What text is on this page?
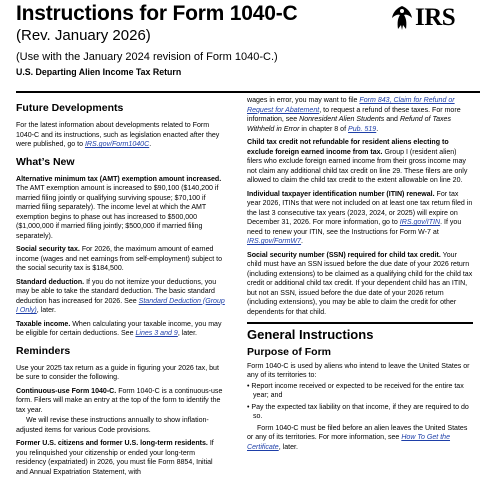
Instructions for Form 1040-C
(Rev. January 2026)
(Use with the January 2024 revision of Form 1040-C.)
U.S. Departing Alien Income Tax Return
IRS
Future Developments

For the latest information about developments related to Form 1040-C and its instructions, such as legislation enacted after they were published, go to IRS.gov/Form1040C.

What’s New

Alternative minimum tax (AMT) exemption amount increased. The AMT exemption amount is increased to $90,100 ($140,200 if married filing jointly or qualifying surviving spouse; $70,100 if married filing separately). The income level at which the AMT exemption begins to phase out has increased to $500,000 ($1,000,000 if married filing jointly; $500,000 if married filing separately).

Social security tax. For 2026, the maximum amount of earned income (wages and net earnings from self-employment) subject to the social security tax is $184,500.

Standard deduction. If you do not itemize your deductions, you may be able to take the standard deduction. The basic standard deduction has increased for 2026. See Standard Deduction (Group I Only), later.

Taxable income. When calculating your taxable income, you may be eligible for certain deductions. See Lines 3 and 9, later.

Reminders

Use your 2025 tax return as a guide in figuring your 2026 tax, but be sure to consider the following.

Continuous-use Form 1040-C. Form 1040-C is a continuous-use form. Filers will make an entry at the top of the form to identify the tax year.

We will revise these instructions annually to show inflation-adjusted items for various Code provisions.

Former U.S. citizens and former U.S. long-term residents. If you relinquished your citizenship or ended your long-term residency (expatriated) in 2026, you must file Form 8854, Initial and Annual Expatriation Statement, with

wages in error, you may want to file Form 843, Claim for Refund or Request for Abatement, to request a refund of these taxes. For more information, see Nonresident Alien Students and Refund of Taxes Withheld in Error in chapter 8 of Pub. 519.

Child tax credit not refundable for resident aliens electing to exclude foreign earned income from tax. Group I (resident alien) filers who exclude foreign earned income from their gross income may not claim any additional child tax credit on line 29. These filers are only allowed to claim the child tax credit to the extent allowable on line 20.

Individual taxpayer identification number (ITIN) renewal. For tax year 2026, ITINs that were not included on at least one tax return filed in the last 3 consecutive tax years (2023, 2024, or 2025) will expire on December 31, 2026. For more information, go to IRS.gov/ITIN. If you need to renew your ITIN, see the Instructions for Form W-7 at IRS.gov/FormW7.

Social security number (SSN) required for child tax credit. Your child must have an SSN issued before the due date of your 2026 return (including extensions) to be claimed as a qualifying child for the child tax credit or additional child tax credit. If your dependent child has an ITIN, but not an SSN, issued before the due date of your 2026 return (including extensions), you may be able to claim the credit for other dependents for that child.

General Instructions
Purpose of Form

Form 1040-C is used by aliens who intend to leave the United States or any of its territories to:

• Report income received or expected to be received for the entire tax year; and

• Pay the expected tax liability on that income, if they are required to do so.

Form 1040-C must be filed before an alien leaves the United States or any of its territories. For more information, see How To Get the Certificate, later.
